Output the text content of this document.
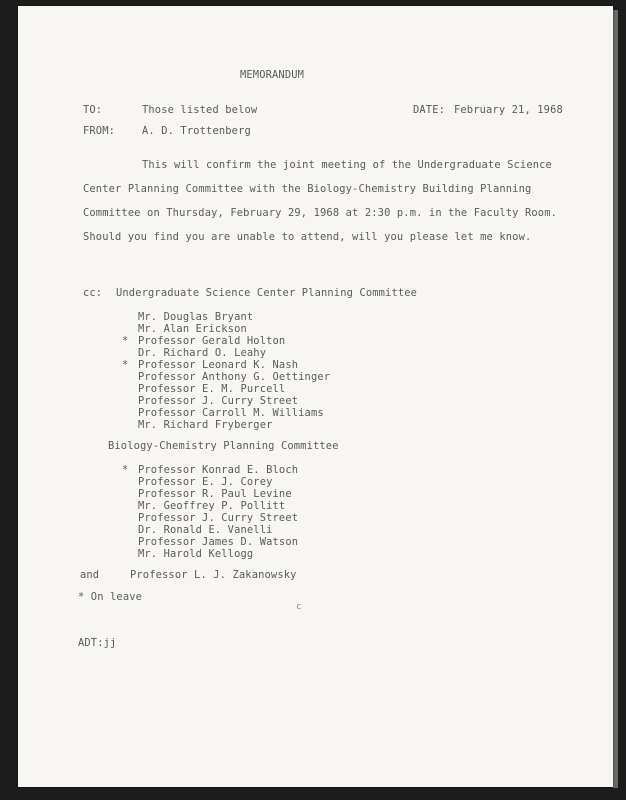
MEMORANDUM
TO:	Those listed below	DATE: February 21, 1968
FROM:	A. D. Trottenberg
This will confirm the joint meeting of the Undergraduate Science
Center Planning Committee with the Biology-Chemistry Building Planning
Committee on Thursday, February 29, 1968 at 2:30 p.m. in the Faculty Room.
Should you find you are unable to attend, will you please let me know.
cc: Undergraduate Science Center Planning Committee
Mr. Douglas Bryant
Mr. Alan Erickson
* Professor Gerald Holton
Dr. Richard O. Leahy
* Professor Leonard K. Nash
Professor Anthony G. Oettinger
Professor E. M. Purcell
Professor J. Curry Street
Professor Carroll M. Williams
Mr. Richard Fryberger
Biology-Chemistry Planning Committee
* Professor Konrad E. Bloch
Professor E. J. Corey
Professor R. Paul Levine
Mr. Geoffrey P. Pollitt
Professor J. Curry Street
Dr. Ronald E. Vanelli
Professor James D. Watson
Mr. Harold Kellogg
and	Professor L. J. Zakanowsky
* On leave
c
ADT:jj
